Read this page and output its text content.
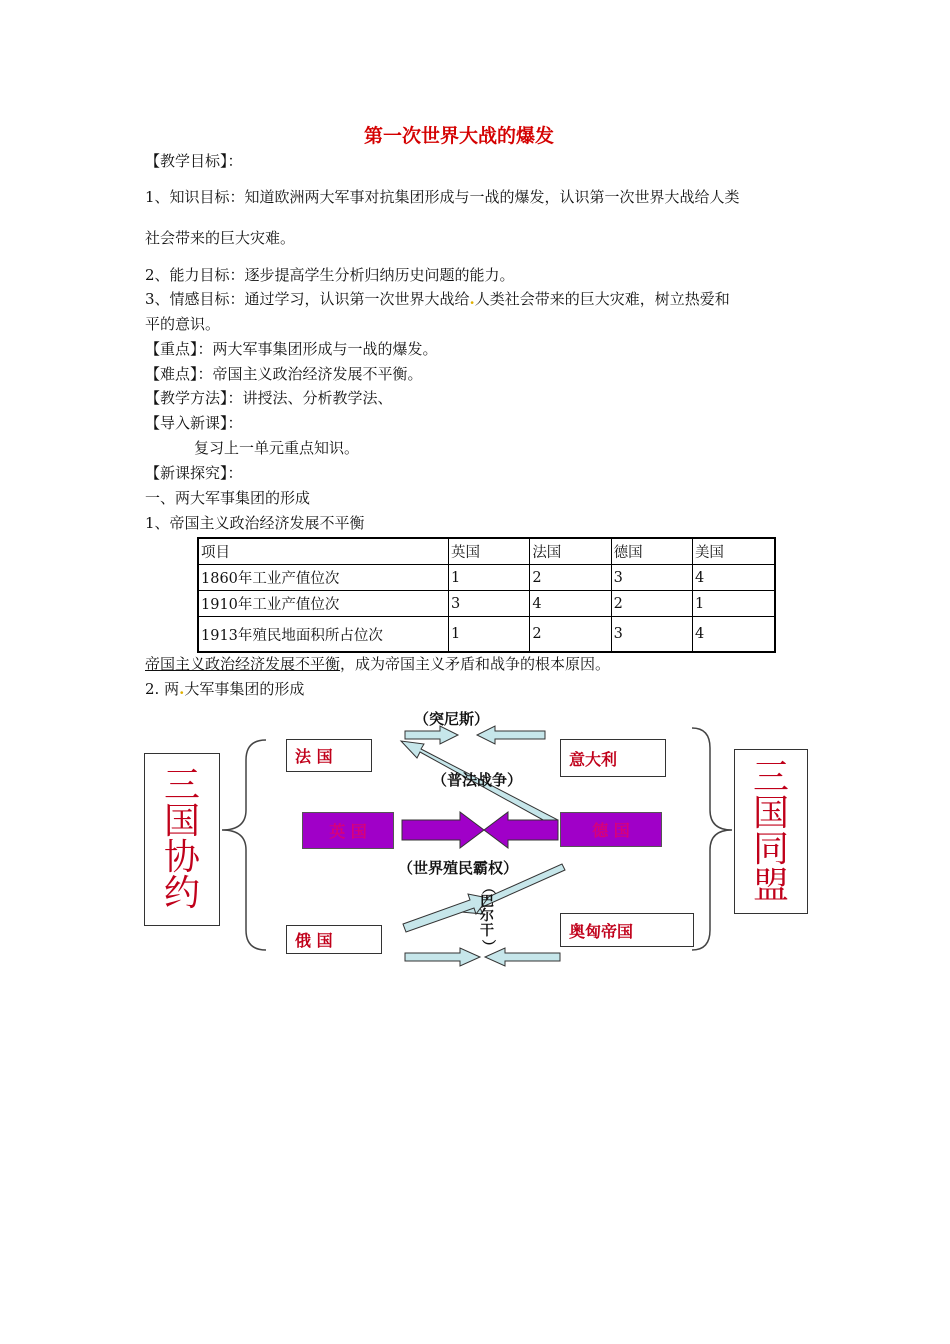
第一次世界大战的爆发
【教学目标】：
1、知识目标：知道欧洲两大军事对抗集团形成与一战的爆发，认识第一次世界大战给人类
社会带来的巨大灾难。
2、能力目标：逐步提高学生分析归纳历史问题的能力。
3、情感目标：通过学习，认识第一次世界大战给.人类社会带来的巨大灾难，树立热爱和
平的意识。
【重点】：两大军事集团形成与一战的爆发。
【难点】：帝国主义政治经济发展不平衡。
【教学方法】：讲授法、分析教学法、
【导入新课】：
复习上一单元重点知识。
【新课探究】：
一、两大军事集团的形成
1、帝国主义政治经济发展不平衡
项目	英国	法国	德国	美国
1860年工业产值位次	1	2	3	4
1910年工业产值位次	3	4	2	1
1913年殖民地面积所占位次	1	2	3	4
帝国主义政治经济发展不平衡，成为帝国主义矛盾和战争的根本原因。
2. 两.大军事集团的形成
三
国
协
约
三
国
同
盟
法 国
俄 国
意大利
奥匈帝国
英 国	德 国
（突尼斯）
（普法战争）
（世界殖民霸权）
（
巴
尔
干
）
